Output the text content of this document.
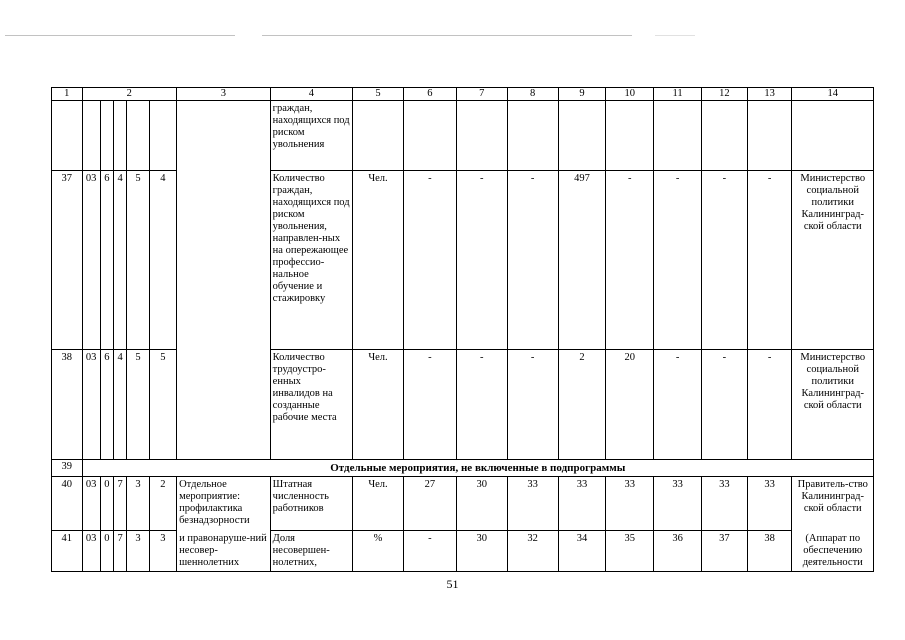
1	2					3	4	5	6	7	8	9	10	11	12	13	14
							граждан, находящихся под риском увольнения										
37	03	6	4	5	4		Количество граждан, находящихся под риском увольнения, направлен-ных на опережающее профессио-нальное обучение и стажировку	Чел.	-	-	-	497	-	-	-	-	Министерство социальной политики Калининград-ской области
38	03	6	4	5	5		Количество трудоустро-енных инвалидов на созданные рабочие места	Чел.	-	-	-	2	20	-	-	-	Министерство социальной политики Калининград-ской области
39	Отдельные мероприятия, не включенные в подпрограммы																
40	03	0	7	3	2	Отдельное мероприятие: профилактика безнадзорности	Штатная численность работников	Чел.	27	30	33	33	33	33	33	33	Правитель-ство Калининград-ской области
41	03	0	7	3	3	и правонаруше-ний несовер-шеннолетних	Доля несовершен-нолетних,	%	-	30	32	34	35	36	37	38	(Аппарат по обеспечению деятельности
51
